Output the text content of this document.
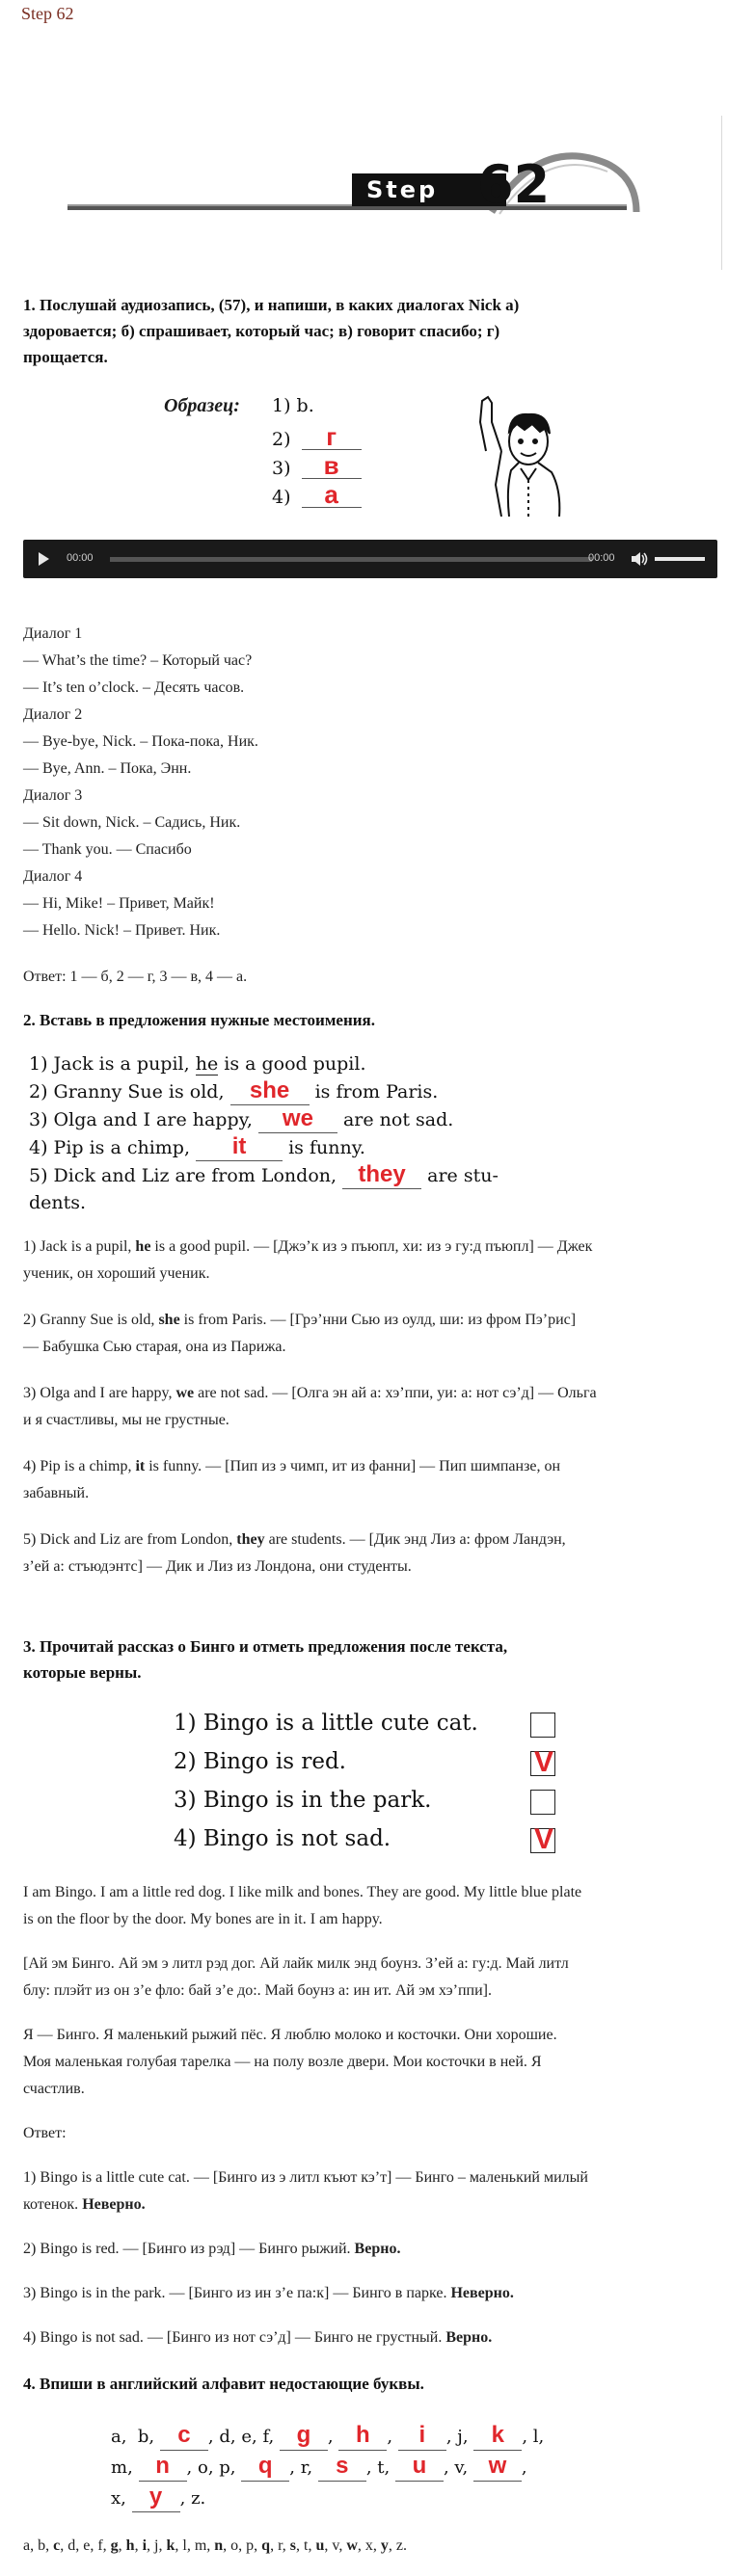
Step 62
Step 62
1. Послушай аудиозапись, (57), и напиши, в каких диалогах Nick а)
здоровается; б) спрашивает, который час; в) говорит спасибо; г)
прощается.
Образец: 1) b.
2) г
3) в
4) а
00:00	00:00
Диалог 1
— What’s the time? – Который час?
— It’s ten o’clock. – Десять часов.
Диалог 2
— Bye-bye, Nick. – Пока-пока, Ник.
— Bye, Ann. – Пока, Энн.
Диалог 3
— Sit down, Nick. – Садись, Ник.
— Thank you. — Спасибо
Диалог 4
— Hi, Mike! – Привет, Майк!
— Hello. Nick! – Привет. Ник.
Ответ: 1 — б, 2 — г, 3 — в, 4 — а.
2. Вставь в предложения нужные местоимения.
1) Jack is a pupil, he is a good pupil.
2) Granny Sue is old, she is from Paris.
3) Olga and I are happy, we are not sad.
4) Pip is a chimp, it is funny.
5) Dick and Liz are from London, they are stu-
dents.
1) Jack is a pupil, he is a good pupil. — [Джэ’к из э пъюпл, хи: из э гу:д пъюпл] — Джек
ученик, он хороший ученик.
2) Granny Sue is old, she is from Paris. — [Грэ’нни Сью из оулд, ши: из фром Пэ’рис]
— Бабушка Сью старая, она из Парижа.
3) Olga and I are happy, we are not sad. — [Олга эн ай а: хэ’ппи, уи: а: нот сэ’д] — Ольга
и я счастливы, мы не грустные.
4) Pip is a chimp, it is funny. — [Пип из э чимп, ит из фанни] — Пип шимпанзе, он
забавный.
5) Dick and Liz are from London, they are students. — [Дик энд Лиз а: фром Ландэн,
з’ей а: стъюдэнтс] — Дик и Лиз из Лондона, они студенты.
3. Прочитай рассказ о Бинго и отметь предложения после текста,
которые верны.
1) Bingo is a little cute cat.
2) Bingo is red.	V
3) Bingo is in the park.
4) Bingo is not sad.	V
I am Bingo. I am a little red dog. I like milk and bones. They are good. My little blue plate
is on the floor by the door. My bones are in it. I am happy.
[Ай эм Бинго. Ай эм э литл рэд дог. Ай лайк милк энд боунз. З’ей а: гу:д. Май литл
блу: плэйт из он з’е фло: бай з’е до:. Май боунз а: ин ит. Ай эм хэ’ппи].
Я — Бинго. Я маленький рыжий пёс. Я люблю молоко и косточки. Они хорошие.
Моя маленькая голубая тарелка — на полу возле двери. Мои косточки в ней. Я
счастлив.
Ответ:
1) Bingo is a little cute cat. — [Бинго из э литл къют кэ’т] — Бинго – маленький милый
котенок. Неверно.
2) Bingo is red. — [Бинго из рэд] — Бинго рыжий. Верно.
3) Bingo is in the park. — [Бинго из ин з’е па:к] — Бинго в парке. Неверно.
4) Bingo is not sad. — [Бинго из нот сэ’д] — Бинго не грустный. Верно.
4. Впиши в английский алфавит недостающие буквы.
a, b, c , d, e, f, g , h , i , j, k , l,
m, n , o, p, q , r, s , t, u , v, w ,
x, y , z.
a, b, c, d, e, f, g, h, i, j, k, l, m, n, o, p, q, r, s, t, u, v, w, x, y, z.
